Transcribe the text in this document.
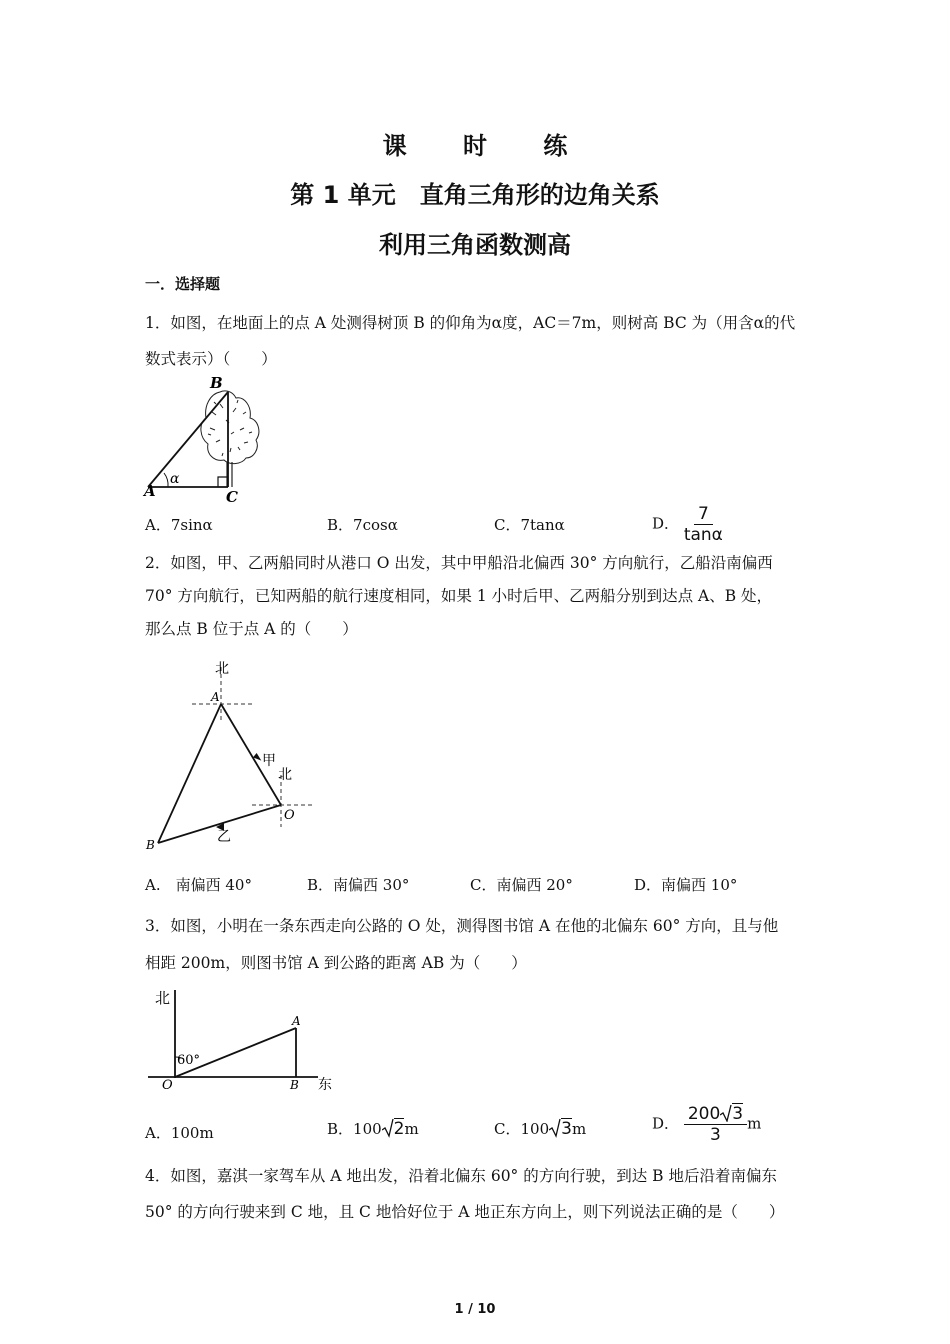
课 时 练
第 1 单元　直角三角形的边角关系
利用三角函数测高
一．选择题
1．如图，在地面上的点 A 处测得树顶 B 的仰角为α度，AC＝7m，则树高 BC 为（用含α的代
数式表示）（　　）
B
A	C
α
A．7sinα	B．7cosα	C．7tanα	D． $\frac{7}{\tan\alpha}$
2．如图，甲、乙两船同时从港口 O 出发，其中甲船沿北偏西 30° 方向航行，乙船沿南偏西
70° 方向航行，已知两船的航行速度相同，如果 1 小时后甲、乙两船分别到达点 A、B 处，
那么点 B 位于点 A 的（　　）
北
A
北
甲
O
乙
B
A.　南偏西 40°	B．南偏西 30°	C．南偏西 20°	D．南偏西 10°
3．如图，小明在一条东西走向公路的 O 处，测得图书馆 A 在他的北偏东 60° 方向，且与他
相距 200m，则图书馆 A 到公路的距离 AB 为（　　）
北
60°
O
A
B 东
A．100m	B．100 2m	C．100 3m	D． $\frac{200 3}{3}$ m
4．如图，嘉淇一家驾车从 A 地出发，沿着北偏东 60° 的方向行驶，到达 B 地后沿着南偏东
50° 的方向行驶来到 C 地，且 C 地恰好位于 A 地正东方向上，则下列说法正确的是（　　）
1 / 10
